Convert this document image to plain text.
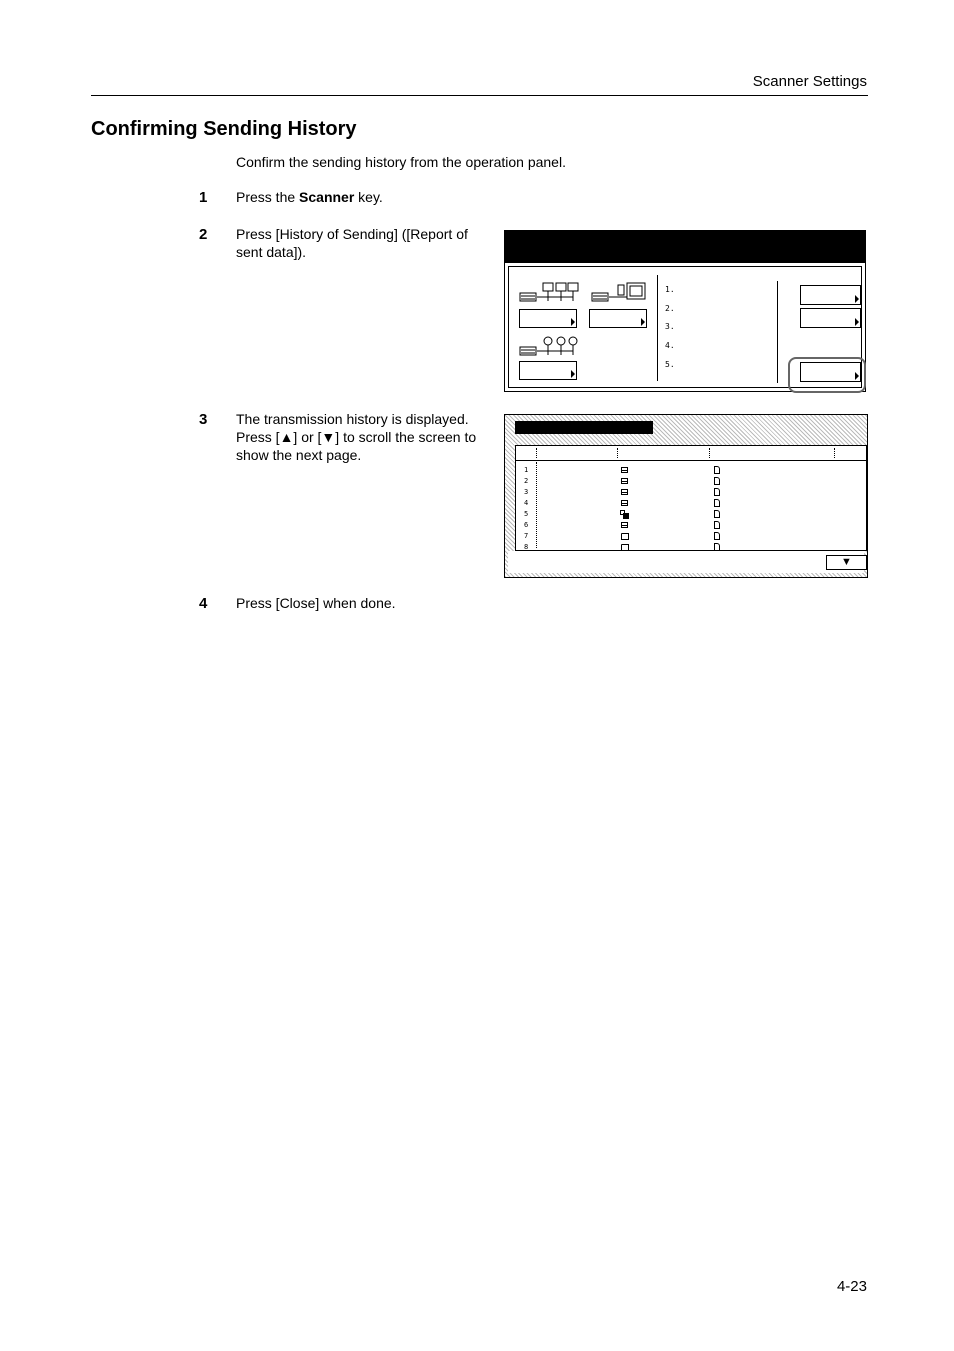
Scanner Settings
Confirming Sending History
Confirm the sending history from the operation panel.
1 Press the Scanner key.
2 Press [History of Sending] ([Report of
sent data]).
1.
2.
3.
4.
5.
3 The transmission history is displayed.
Press [▲] or [▼] to scroll the screen to
show the next page.
1
2
3
4
5
6
7
8
▼
4 Press [Close] when done.
4-23
